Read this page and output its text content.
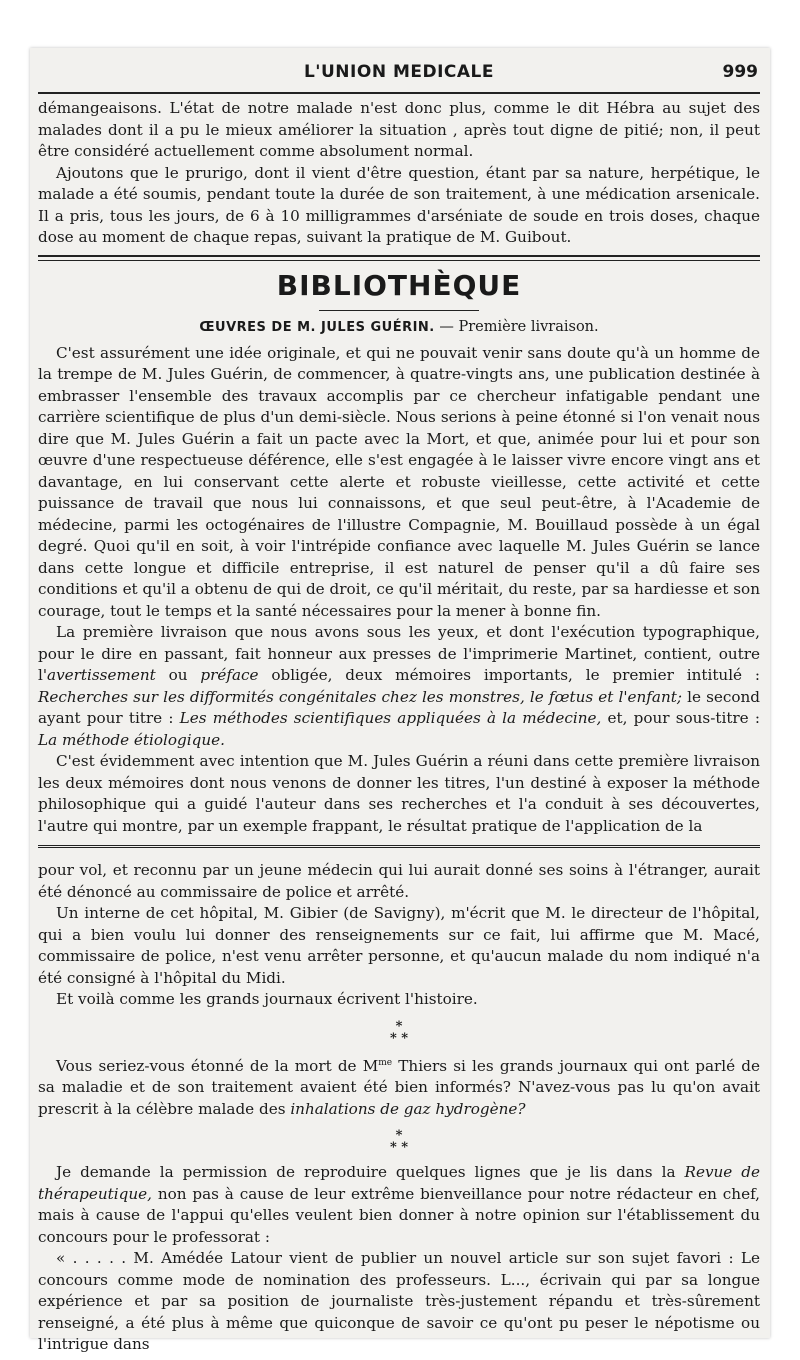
L'UNION MEDICALE	999

démangeaisons. L'état de notre malade n'est donc plus, comme le dit Hébra au sujet des malades dont il a pu le mieux améliorer la situation , après tout digne de pitié; non, il peut être considéré actuellement comme absolument normal.

Ajoutons que le prurigo, dont il vient d'être question, étant par sa nature, herpétique, le malade a été soumis, pendant toute la durée de son traitement, à une médication arsenicale. Il a pris, tous les jours, de 6 à 10 milligrammes d'arséniate de soude en trois doses, chaque dose au moment de chaque repas, suivant la pratique de M. Guibout.

BIBLIOTHÈQUE
ŒUVRES DE M. JULES GUÉRIN. — Première livraison.

C'est assurément une idée originale, et qui ne pouvait venir sans doute qu'à un homme de la trempe de M. Jules Guérin, de commencer, à quatre-vingts ans, une publication destinée à embrasser l'ensemble des travaux accomplis par ce chercheur infatigable pendant une carrière scientifique de plus d'un demi-siècle. Nous serions à peine étonné si l'on venait nous dire que M. Jules Guérin a fait un pacte avec la Mort, et que, animée pour lui et pour son œuvre d'une respectueuse déférence, elle s'est engagée à le laisser vivre encore vingt ans et davantage, en lui conservant cette alerte et robuste vieillesse, cette activité et cette puissance de travail que nous lui connaissons, et que seul peut-être, à l'Academie de médecine, parmi les octogénaires de l'illustre Compagnie, M. Bouillaud possède à un égal degré. Quoi qu'il en soit, à voir l'intrépide confiance avec laquelle M. Jules Guérin se lance dans cette longue et difficile entreprise, il est naturel de penser qu'il a dû faire ses conditions et qu'il a obtenu de qui de droit, ce qu'il méritait, du reste, par sa hardiesse et son courage, tout le temps et la santé nécessaires pour la mener à bonne fin.

La première livraison que nous avons sous les yeux, et dont l'exécution typographique, pour le dire en passant, fait honneur aux presses de l'imprimerie Martinet, contient, outre l'avertissement ou préface obligée, deux mémoires importants, le premier intitulé : Recherches sur les difformités congénitales chez les monstres, le fœtus et l'enfant; le second ayant pour titre : Les méthodes scientifiques appliquées à la médecine, et, pour sous-titre : La méthode étiologique.

C'est évidemment avec intention que M. Jules Guérin a réuni dans cette première livraison les deux mémoires dont nous venons de donner les titres, l'un destiné à exposer la méthode philosophique qui a guidé l'auteur dans ses recherches et l'a conduit à ses découvertes, l'autre qui montre, par un exemple frappant, le résultat pratique de l'application de la

pour vol, et reconnu par un jeune médecin qui lui aurait donné ses soins à l'étranger, aurait été dénoncé au commissaire de police et arrêté.

Un interne de cet hôpital, M. Gibier (de Savigny), m'écrit que M. le directeur de l'hôpital, qui a bien voulu lui donner des renseignements sur ce fait, lui affirme que M. Macé, commissaire de police, n'est venu arrêter personne, et qu'aucun malade du nom indiqué n'a été consigné à l'hôpital du Midi.

Et voilà comme les grands journaux écrivent l'histoire.

*
* *

Vous seriez-vous étonné de la mort de $M^{me}$ Thiers si les grands journaux qui ont parlé de sa maladie et de son traitement avaient été bien informés? N'avez-vous pas lu qu'on avait prescrit à la célèbre malade des inhalations de gaz hydrogène?

*
* *

Je demande la permission de reproduire quelques lignes que je lis dans la Revue de thérapeutique, non pas à cause de leur extrême bienveillance pour notre rédacteur en chef, mais à cause de l'appui qu'elles veulent bien donner à notre opinion sur l'établissement du concours pour le professorat :

« . . . . . M. Amédée Latour vient de publier un nouvel article sur son sujet favori : Le concours comme mode de nomination des professeurs. L..., écrivain qui par sa longue expérience et par sa position de journaliste très-justement répandu et très-sûrement renseigné, a été plus à même que quiconque de savoir ce qu'ont pu peser le népotisme ou l'intrigue dans
